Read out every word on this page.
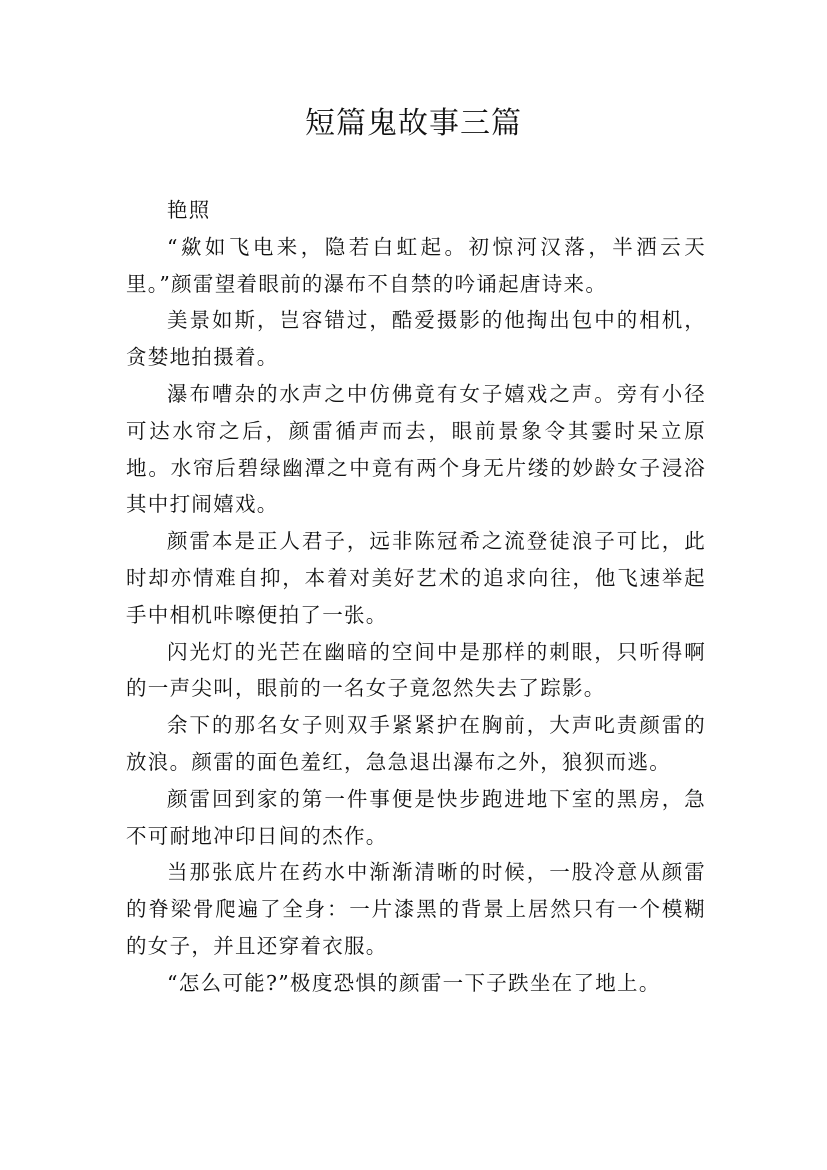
短篇鬼故事三篇

艳照

“歘如飞电来，隐若白虹起。初惊河汉落，半洒云天里。”颜雷望着眼前的瀑布不自禁的吟诵起唐诗来。

美景如斯，岂容错过，酷爱摄影的他掏出包中的相机，贪婪地拍摄着。

瀑布嘈杂的水声之中仿佛竟有女子嬉戏之声。旁有小径可达水帘之后，颜雷循声而去，眼前景象令其霎时呆立原地。水帘后碧绿幽潭之中竟有两个身无片缕的妙龄女子浸浴其中打闹嬉戏。

颜雷本是正人君子，远非陈冠希之流登徒浪子可比，此时却亦情难自抑，本着对美好艺术的追求向往，他飞速举起手中相机咔嚓便拍了一张。

闪光灯的光芒在幽暗的空间中是那样的刺眼，只听得啊的一声尖叫，眼前的一名女子竟忽然失去了踪影。

余下的那名女子则双手紧紧护在胸前，大声叱责颜雷的放浪。颜雷的面色羞红，急急退出瀑布之外，狼狈而逃。

颜雷回到家的第一件事便是快步跑进地下室的黑房，急不可耐地冲印日间的杰作。

当那张底片在药水中渐渐清晰的时候，一股冷意从颜雷的脊梁骨爬遍了全身：一片漆黑的背景上居然只有一个模糊的女子，并且还穿着衣服。

“怎么可能?”极度恐惧的颜雷一下子跌坐在了地上。
